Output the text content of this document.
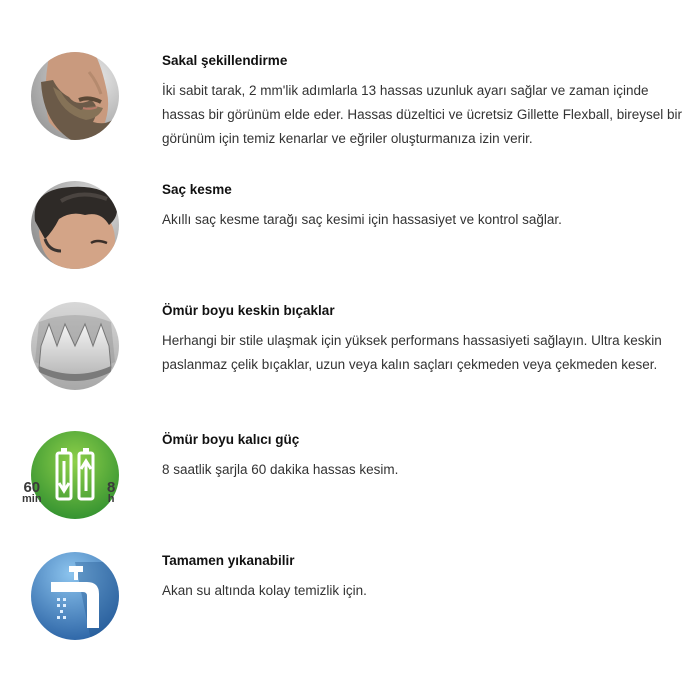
Sakal şekillendirme

İki sabit tarak, 2 mm'lik adımlarla 13 hassas uzunluk ayarı sağlar ve zaman içinde hassas bir görünüm elde eder. Hassas düzeltici ve ücretsiz Gillette Flexball, bireysel bir görünüm için temiz kenarlar ve eğriler oluşturmanıza izin verir.

Saç kesme

Akıllı saç kesme tarağı saç kesimi için hassasiyet ve kontrol sağlar.

Ömür boyu keskin bıçaklar

Herhangi bir stile ulaşmak için yüksek performans hassasiyeti sağlayın. Ultra keskin paslanmaz çelik bıçaklar, uzun veya kalın saçları çekmeden veya çekmeden keser.

60
min
8
h

Ömür boyu kalıcı güç

8 saatlik şarjla 60 dakika hassas kesim.

Tamamen yıkanabilir

Akan su altında kolay temizlik için.
